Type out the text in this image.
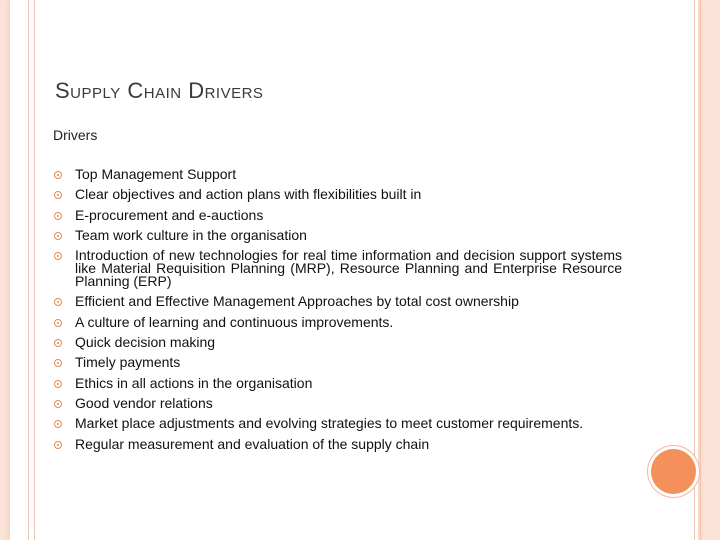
Supply Chain Drivers
Drivers
Top Management Support
Clear objectives and action plans with flexibilities built in
E-procurement and e-auctions
Team work culture in the organisation
Introduction of new technologies for real time information and decision support systems like Material Requisition Planning (MRP), Resource Planning and Enterprise Resource Planning (ERP)
Efficient and Effective Management Approaches by total cost ownership
A culture of learning and continuous improvements.
Quick decision making
Timely payments
Ethics in all actions in the organisation
Good vendor relations
Market place adjustments and evolving strategies to meet customer requirements.
Regular measurement and evaluation of the supply chain
